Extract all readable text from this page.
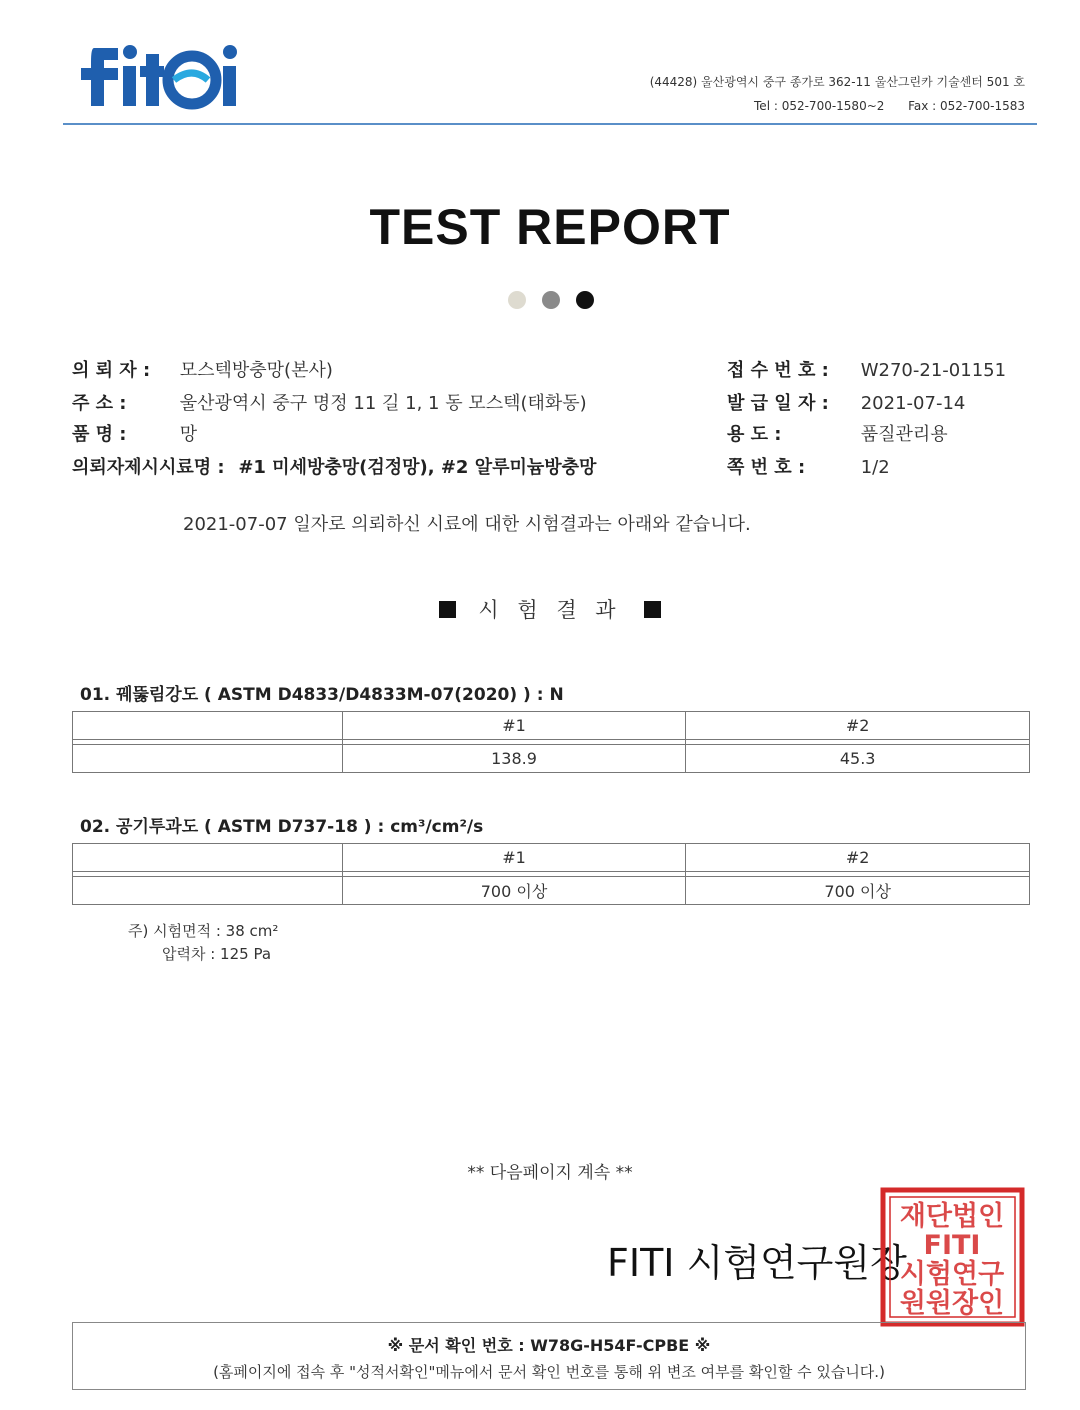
(44428) 울산광역시 중구 종가로 362-11 울산그린카 기술센터 501 호
Tel : 052-700-1580~2 Fax : 052-700-1583
TEST REPORT
의 뢰 자 : 모스텍방충망(본사)
주 소 :	울산광역시 중구 명정 11 길 1, 1 동 모스텍(태화동)
품 명 :	망
의뢰자제시시료명 : #1 미세방충망(검정망), #2 알루미늄방충망
접 수 번 호 : W270-21-01151
발 급 일 자 : 2021-07-14
용 도 :	품질관리용
쪽 번 호 :	1/2
2021-07-07 일자로 의뢰하신 시료에 대한 시험결과는 아래와 같습니다.
시 험 결 과
01. 꿰뚫림강도 ( ASTM D4833/D4833M-07(2020) ) : N
	#1	#2

	138.9	45.3
02. 공기투과도 ( ASTM D737-18 ) : cm³/cm²/s
	#1	#2

	700 이상	700 이상
주) 시험면적 : 38 cm²
압력차 : 125 Pa
** 다음페이지 계속 **
FITI 시험연구원장
재단법인
FITI
시험연구
원원장인
※ 문서 확인 번호 : W78G-H54F-CPBE ※
(홈페이지에 접속 후 "성적서확인"메뉴에서 문서 확인 번호를 통해 위 변조 여부를 확인할 수 있습니다.)
